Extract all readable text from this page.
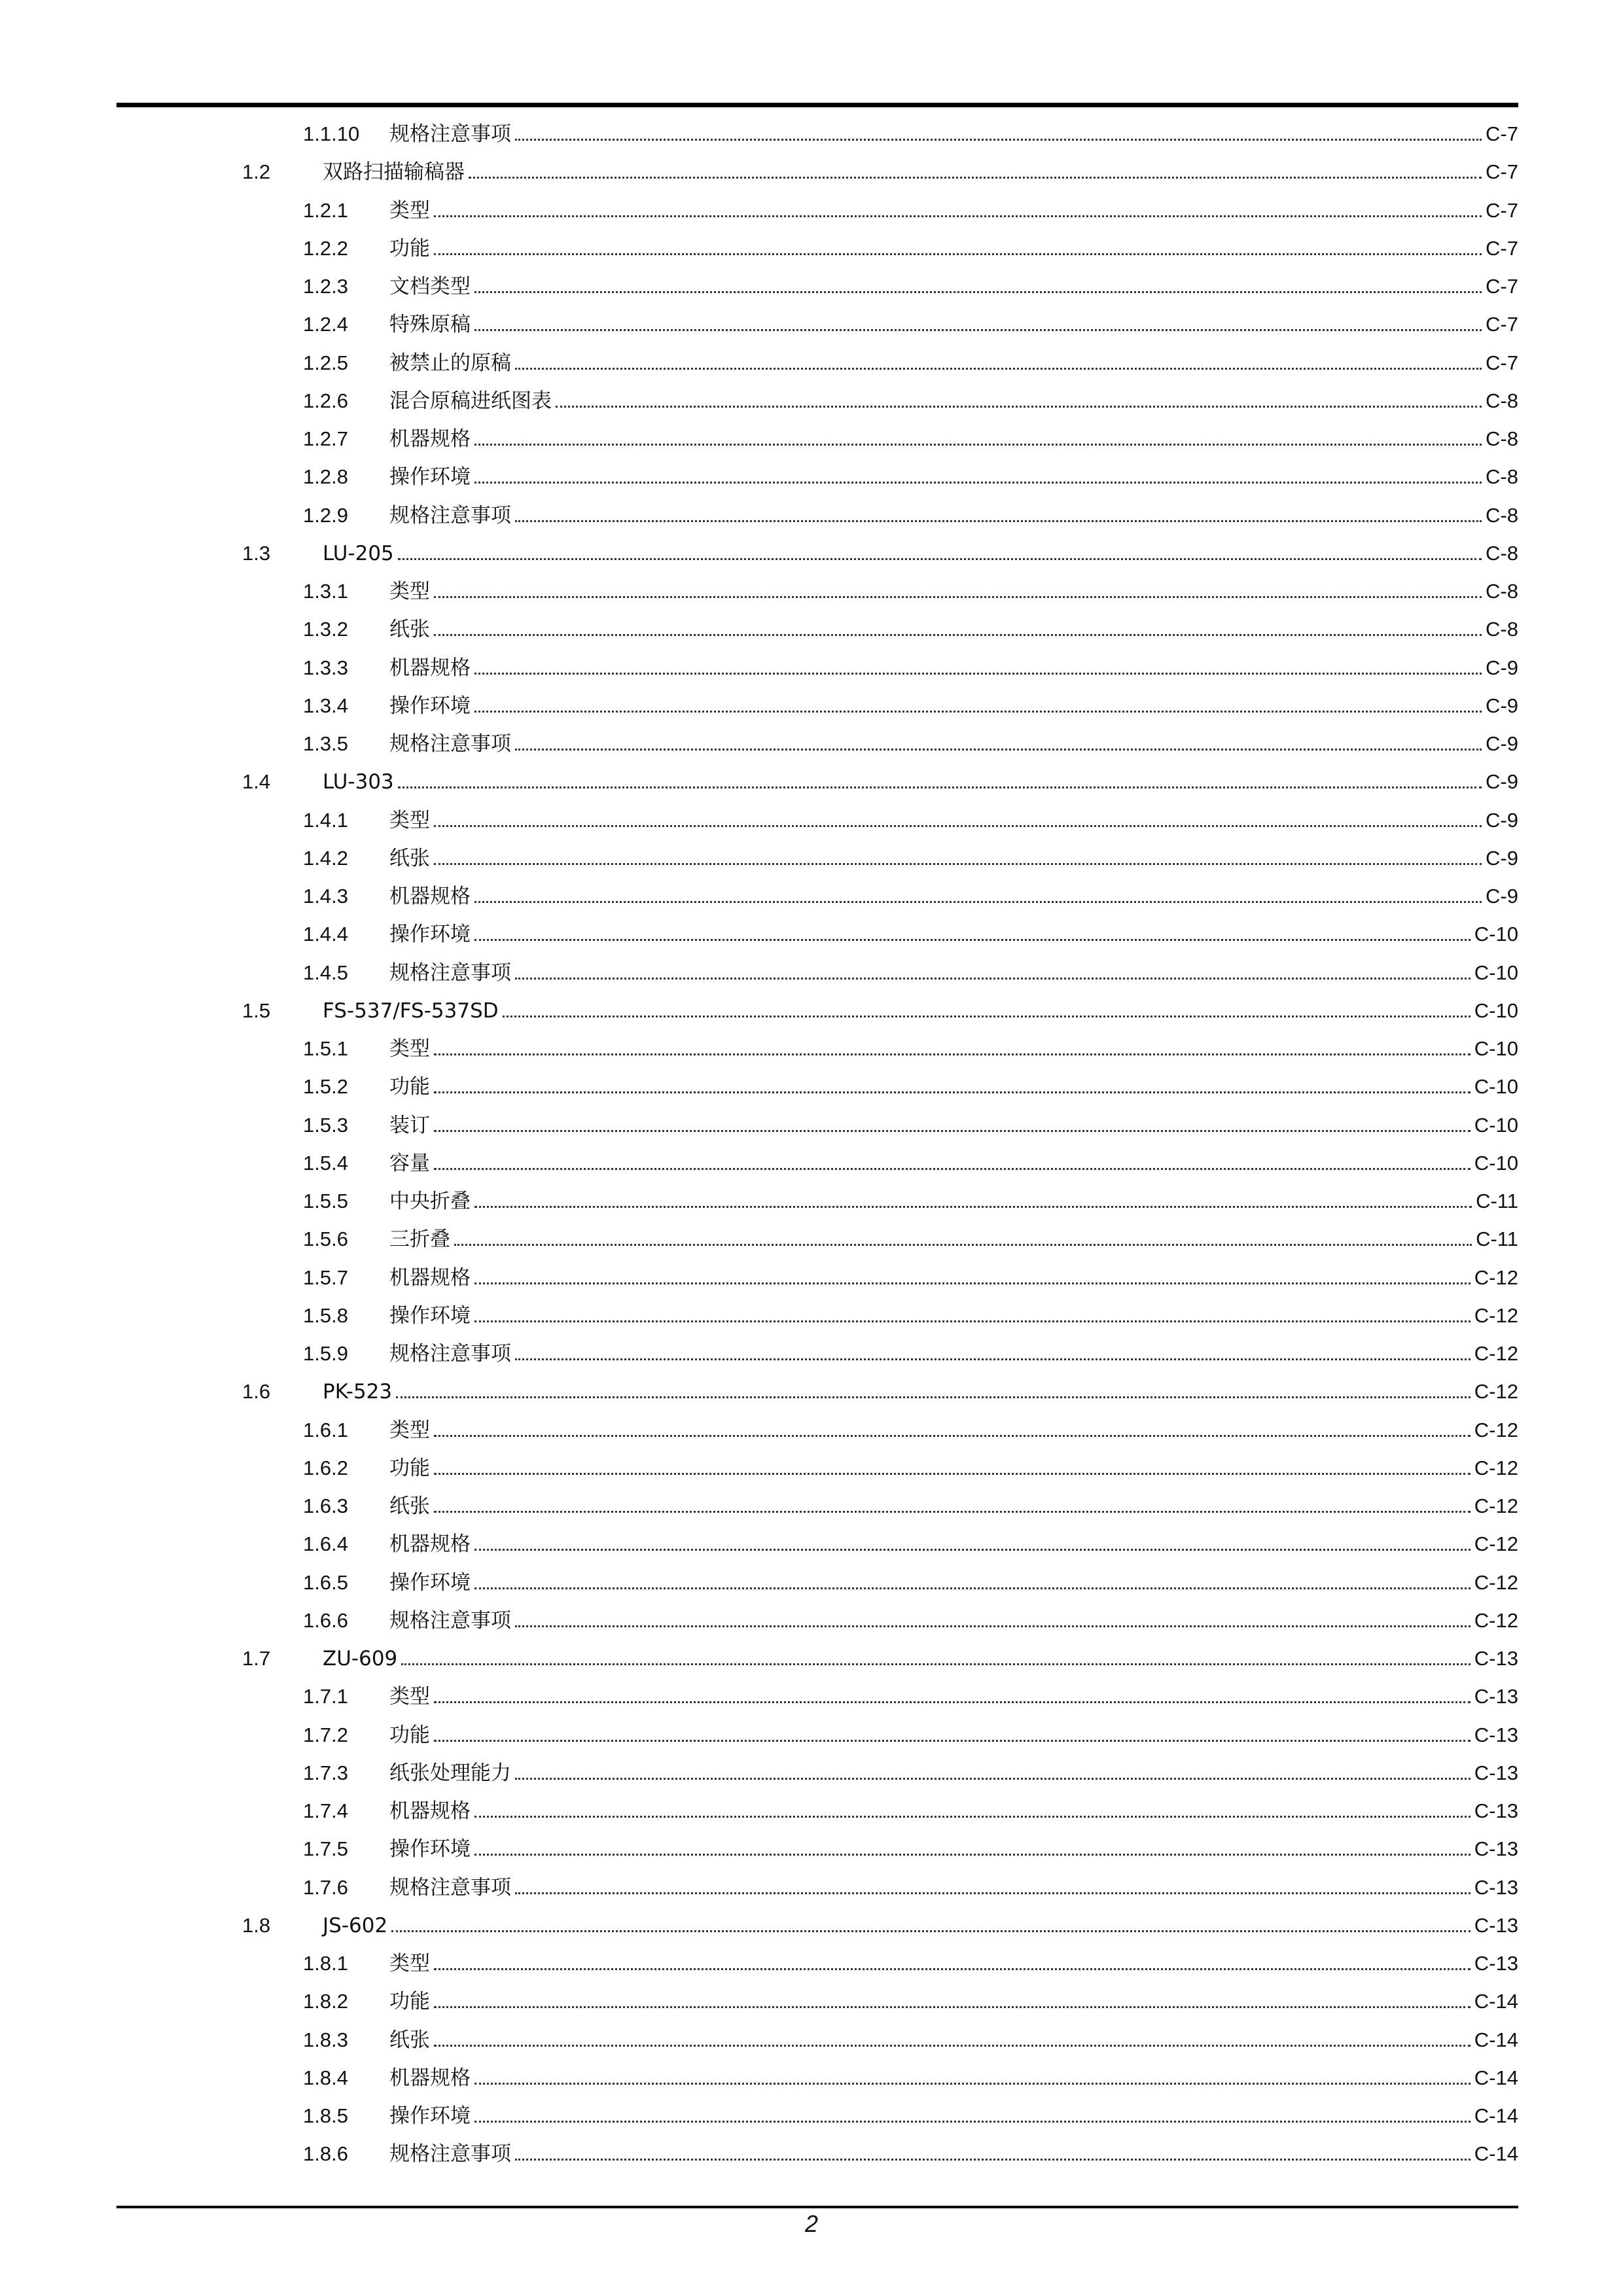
1.1.10 规格注意事项	C-7
1.2	双路扫描输稿器	C-7
1.2.1 类型	C-7
1.2.2 功能	C-7
1.2.3 文档类型	C-7
1.2.4 特殊原稿	C-7
1.2.5 被禁止的原稿	C-7
1.2.6 混合原稿进纸图表	C-8
1.2.7 机器规格	C-8
1.2.8 操作环境	C-8
1.2.9 规格注意事项	C-8
1.3	LU-205	C-8
1.3.1 类型	C-8
1.3.2 纸张	C-8
1.3.3 机器规格	C-9
1.3.4 操作环境	C-9
1.3.5 规格注意事项	C-9
1.4	LU-303	C-9
1.4.1 类型	C-9
1.4.2 纸张	C-9
1.4.3 机器规格	C-9
1.4.4 操作环境	C-10
1.4.5 规格注意事项	C-10
1.5	FS-537/FS-537SD	C-10
1.5.1 类型	C-10
1.5.2 功能	C-10
1.5.3 装订	C-10
1.5.4 容量	C-10
1.5.5 中央折叠	C-11
1.5.6 三折叠	C-11
1.5.7 机器规格	C-12
1.5.8 操作环境	C-12
1.5.9 规格注意事项	C-12
1.6	PK-523	C-12
1.6.1 类型	C-12
1.6.2 功能	C-12
1.6.3 纸张	C-12
1.6.4 机器规格	C-12
1.6.5 操作环境	C-12
1.6.6 规格注意事项	C-12
1.7	ZU-609	C-13
1.7.1 类型	C-13
1.7.2 功能	C-13
1.7.3 纸张处理能力	C-13
1.7.4 机器规格	C-13
1.7.5 操作环境	C-13
1.7.6 规格注意事项	C-13
1.8	JS-602	C-13
1.8.1 类型	C-13
1.8.2 功能	C-14
1.8.3 纸张	C-14
1.8.4 机器规格	C-14
1.8.5 操作环境	C-14
1.8.6 规格注意事项	C-14
2
